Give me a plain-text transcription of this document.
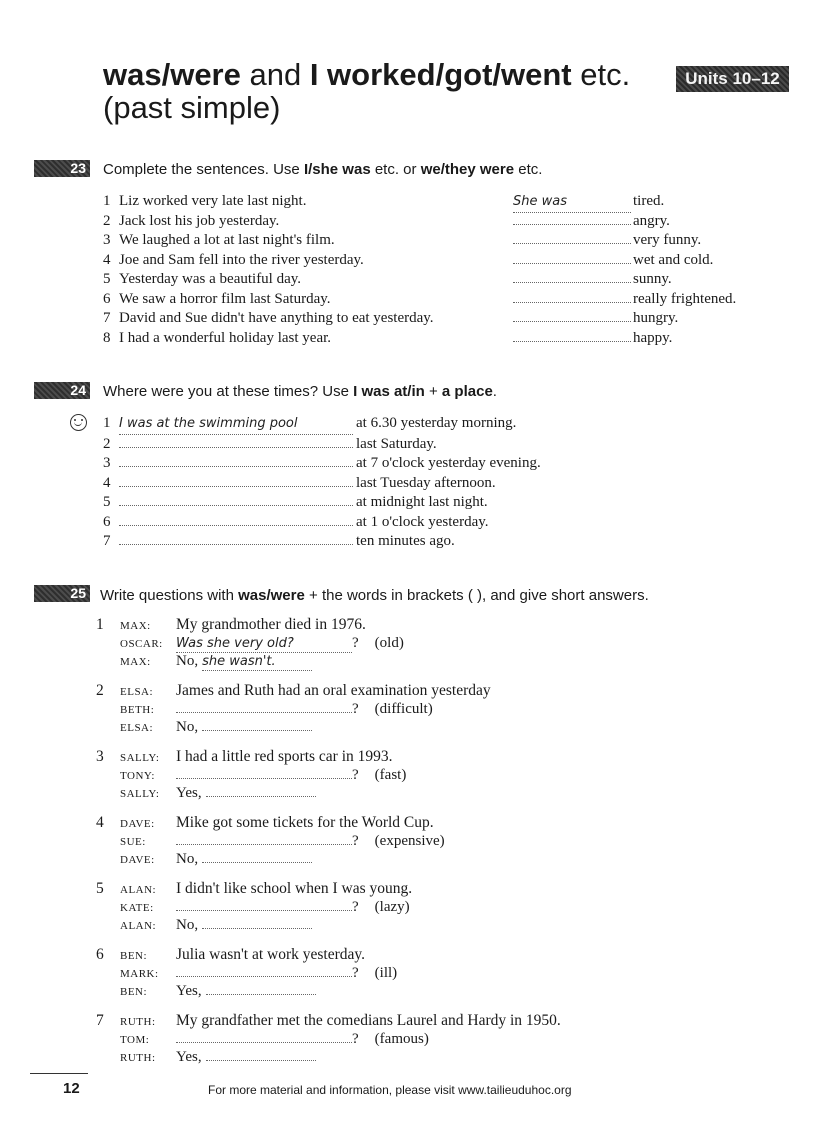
was/were and I worked/got/went etc.
(past simple)
Units 10–12
23 Complete the sentences. Use I/she was etc. or we/they were etc.
1 Liz worked very late last night.	She was	tired.
2 Jack lost his job yesterday.	angry.
3 We laughed a lot at last night's film.	very funny.
4 Joe and Sam fell into the river yesterday.	wet and cold.
5 Yesterday was a beautiful day.	sunny.
6 We saw a horror film last Saturday.	really frightened.
7 David and Sue didn't have anything to eat yesterday.	hungry.
8 I had a wonderful holiday last year.	happy.
24 Where were you at these times? Use I was at/in + a place.
1 I was at the swimming pool	at 6.30 yesterday morning.
2	last Saturday.
3	at 7 o'clock yesterday evening.
4	last Tuesday afternoon.
5	at midnight last night.
6	at 1 o'clock yesterday.
7	ten minutes ago.
25 Write questions with was/were + the words in brackets ( ), and give short answers.
1 MAX: My grandmother died in 1976.
OSCAR: Was she very old?	? (old)
MAX: No, she wasn't.
2 ELSA: James and Ruth had an oral examination yesterday
BETH:	? (difficult)
ELSA: No,
3 SALLY: I had a little red sports car in 1993.
TONY:	? (fast)
SALLY: Yes,
4 DAVE: Mike got some tickets for the World Cup.
SUE:	? (expensive)
DAVE: No,
5 ALAN: I didn't like school when I was young.
KATE:	? (lazy)
ALAN: No,
6 BEN: Julia wasn't at work yesterday.
MARK:	? (ill)
BEN: Yes,
7 RUTH: My grandfather met the comedians Laurel and Hardy in 1950.
TOM:	? (famous)
RUTH: Yes,
12	For more material and information, please visit www.tailieuduhoc.org
